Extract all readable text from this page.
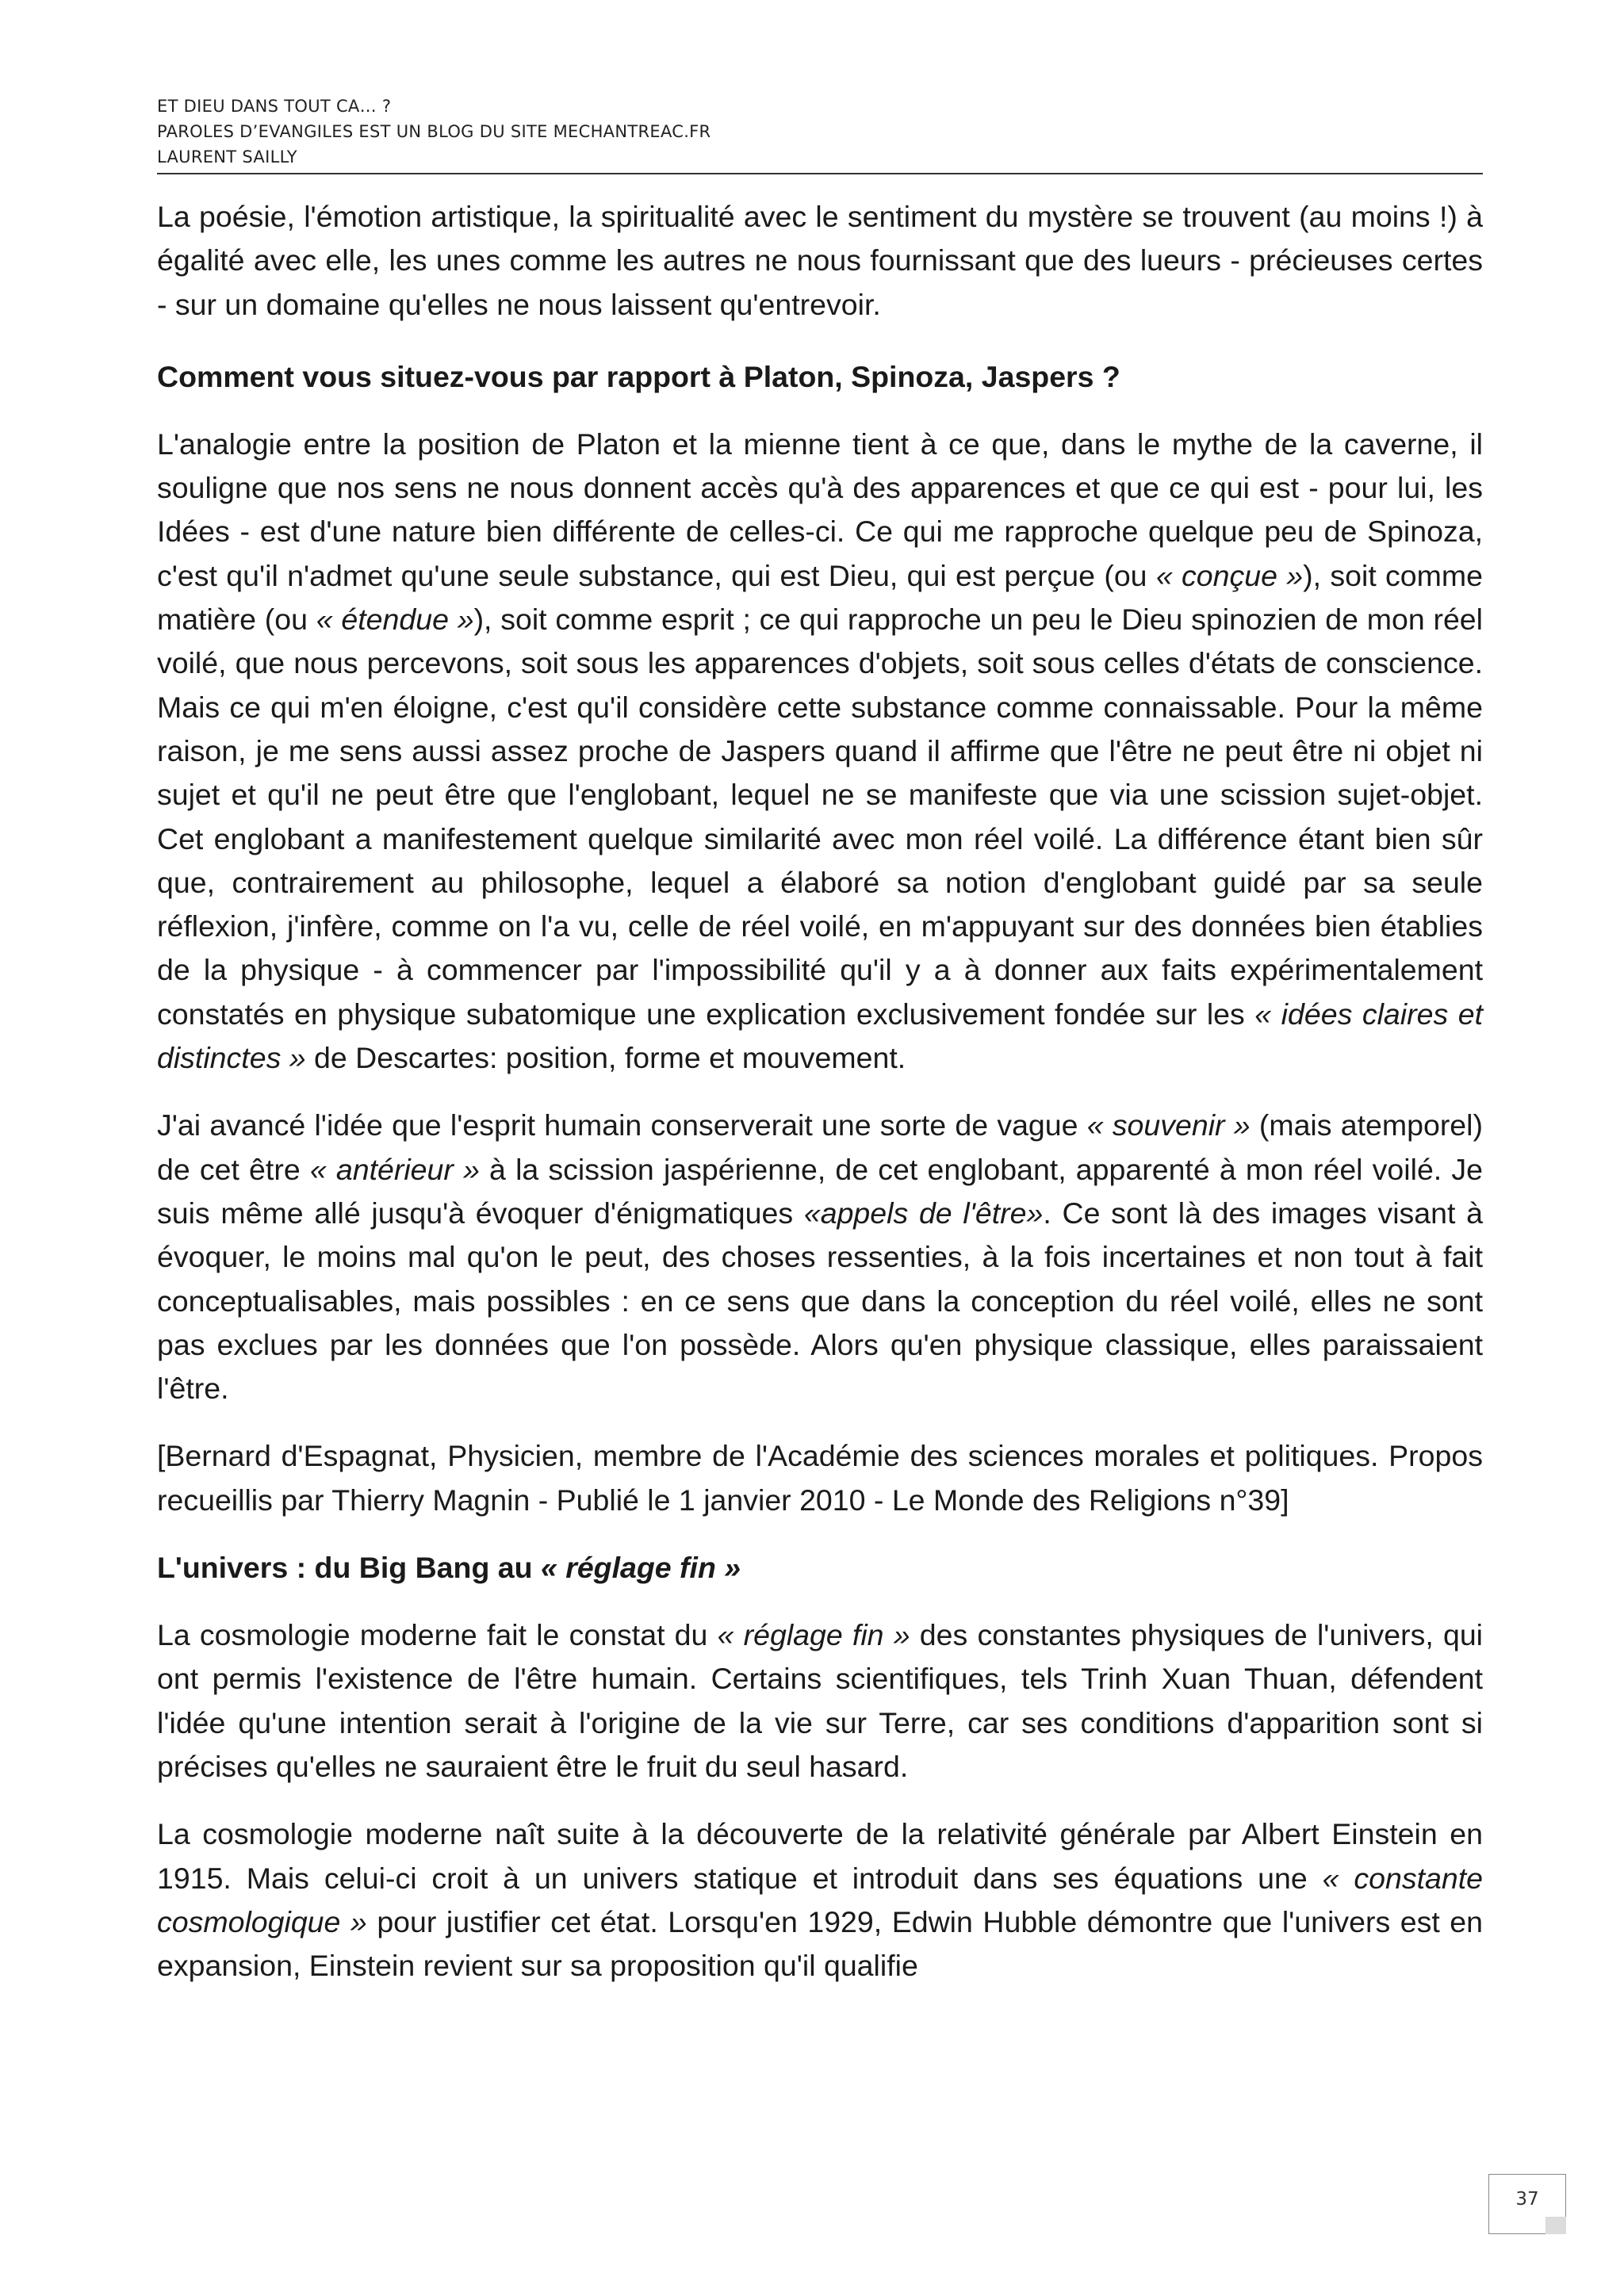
ET DIEU DANS TOUT CA… ?
PAROLES D’EVANGILES EST UN BLOG DU SITE MECHANTREAC.FR
LAURENT SAILLY

La poésie, l'émotion artistique, la spiritualité avec le sentiment du mystère se trouvent (au moins !) à égalité avec elle, les unes comme les autres ne nous fournissant que des lueurs - précieuses certes - sur un domaine qu'elles ne nous laissent qu'entrevoir.

Comment vous situez-vous par rapport à Platon, Spinoza, Jaspers ?

L'analogie entre la position de Platon et la mienne tient à ce que, dans le mythe de la caverne, il souligne que nos sens ne nous donnent accès qu'à des apparences et que ce qui est - pour lui, les Idées - est d'une nature bien différente de celles-ci. Ce qui me rapproche quelque peu de Spinoza, c'est qu'il n'admet qu'une seule substance, qui est Dieu, qui est perçue (ou « conçue »), soit comme matière (ou « étendue »), soit comme esprit ; ce qui rapproche un peu le Dieu spinozien de mon réel voilé, que nous percevons, soit sous les apparences d'objets, soit sous celles d'états de conscience. Mais ce qui m'en éloigne, c'est qu'il considère cette substance comme connaissable. Pour la même raison, je me sens aussi assez proche de Jaspers quand il affirme que l'être ne peut être ni objet ni sujet et qu'il ne peut être que l'englobant, lequel ne se manifeste que via une scission sujet-objet. Cet englobant a manifestement quelque similarité avec mon réel voilé. La différence étant bien sûr que, contrairement au philosophe, lequel a élaboré sa notion d'englobant guidé par sa seule réflexion, j'infère, comme on l'a vu, celle de réel voilé, en m'appuyant sur des données bien établies de la physique - à commencer par l'impossibilité qu'il y a à donner aux faits expérimentalement constatés en physique subatomique une explication exclusivement fondée sur les « idées claires et distinctes » de Descartes: position, forme et mouvement.

J'ai avancé l'idée que l'esprit humain conserverait une sorte de vague « souvenir » (mais atemporel) de cet être « antérieur » à la scission jaspérienne, de cet englobant, apparenté à mon réel voilé. Je suis même allé jusqu'à évoquer d'énigmatiques «appels de l'être». Ce sont là des images visant à évoquer, le moins mal qu'on le peut, des choses ressenties, à la fois incertaines et non tout à fait conceptualisables, mais possibles : en ce sens que dans la conception du réel voilé, elles ne sont pas exclues par les données que l'on possède. Alors qu'en physique classique, elles paraissaient l'être.

[Bernard d'Espagnat, Physicien, membre de l'Académie des sciences morales et politiques. Propos recueillis par Thierry Magnin - Publié le 1 janvier 2010 - Le Monde des Religions n°39]

L'univers : du Big Bang au « réglage fin »

La cosmologie moderne fait le constat du « réglage fin » des constantes physiques de l'univers, qui ont permis l'existence de l'être humain. Certains scientifiques, tels Trinh Xuan Thuan, défendent l'idée qu'une intention serait à l'origine de la vie sur Terre, car ses conditions d'apparition sont si précises qu'elles ne sauraient être le fruit du seul hasard.

La cosmologie moderne naît suite à la découverte de la relativité générale par Albert Einstein en 1915. Mais celui-ci croit à un univers statique et introduit dans ses équations une « constante cosmologique » pour justifier cet état. Lorsqu'en 1929, Edwin Hubble démontre que l'univers est en expansion, Einstein revient sur sa proposition qu'il qualifie

37
